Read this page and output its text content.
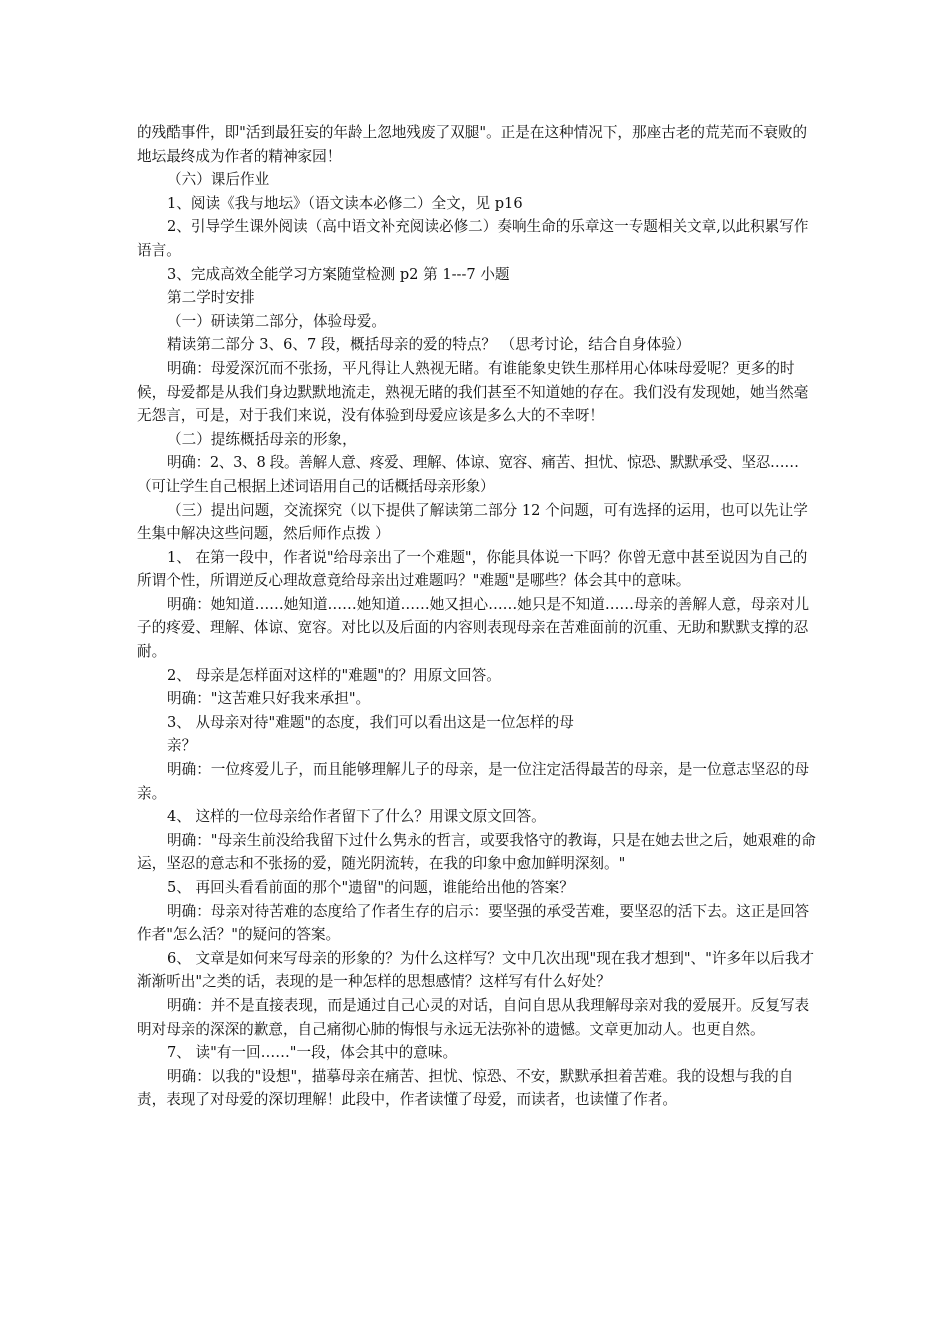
的残酷事件，即"活到最狂妄的年龄上忽地残废了双腿"。正是在这种情况下，那座古老的荒芜而不衰败的地坛最终成为作者的精神家园！

（六）课后作业

1、阅读《我与地坛》（语文读本必修二）全文，见 p16

2、引导学生课外阅读（高中语文补充阅读必修二）奏响生命的乐章这一专题相关文章,以此积累写作语言。

3、完成高效全能学习方案随堂检测 p2 第 1---7 小题

第二学时安排

（一）研读第二部分，体验母爱。

精读第二部分 3、6、7 段，概括母亲的爱的特点？ （思考讨论，结合自身体验）

明确：母爱深沉而不张扬，平凡得让人熟视无睹。有谁能象史铁生那样用心体味母爱呢？更多的时候，母爱都是从我们身边默默地流走，熟视无睹的我们甚至不知道她的存在。我们没有发现她，她当然毫无怨言，可是，对于我们来说，没有体验到母爱应该是多么大的不幸呀！

（二）提练概括母亲的形象，

明确：2、3、8 段。善解人意、疼爱、理解、体谅、宽容、痛苦、担忧、惊恐、默默承受、坚忍……（可让学生自己根据上述词语用自己的话概括母亲形象）

（三）提出问题，交流探究（以下提供了解读第二部分 12 个问题，可有选择的运用，也可以先让学生集中解决这些问题，然后师作点拨 ）

1、 在第一段中，作者说"给母亲出了一个难题"，你能具体说一下吗？你曾无意中甚至说因为自己的所谓个性，所谓逆反心理故意竟给母亲出过难题吗？"难题"是哪些？体会其中的意味。

明确：她知道……她知道……她知道……她又担心……她只是不知道……母亲的善解人意，母亲对儿子的疼爱、理解、体谅、宽容。对比以及后面的内容则表现母亲在苦难面前的沉重、无助和默默支撑的忍耐。

2、 母亲是怎样面对这样的"难题"的？用原文回答。

明确："这苦难只好我来承担"。

3、 从母亲对待"难题"的态度，我们可以看出这是一位怎样的母

亲？

明确：一位疼爱儿子，而且能够理解儿子的母亲，是一位注定活得最苦的母亲，是一位意志坚忍的母亲。

4、 这样的一位母亲给作者留下了什么？用课文原文回答。

明确："母亲生前没给我留下过什么隽永的哲言，或要我恪守的教诲，只是在她去世之后，她艰难的命运，坚忍的意志和不张扬的爱，随光阴流转，在我的印象中愈加鲜明深刻。"

5、 再回头看看前面的那个"遗留"的问题，谁能给出他的答案？

明确：母亲对待苦难的态度给了作者生存的启示：要坚强的承受苦难，要坚忍的活下去。这正是回答作者"怎么活？"的疑问的答案。

6、 文章是如何来写母亲的形象的？为什么这样写？文中几次出现"现在我才想到"、"许多年以后我才渐渐听出"之类的话，表现的是一种怎样的思想感情？这样写有什么好处？

明确：并不是直接表现，而是通过自己心灵的对话，自问自思从我理解母亲对我的爱展开。反复写表明对母亲的深深的歉意，自己痛彻心肺的悔恨与永远无法弥补的遗憾。文章更加动人。也更自然。

7、 读"有一回……"一段，体会其中的意味。

明确：以我的"设想"，描摹母亲在痛苦、担忧、惊恐、不安，默默承担着苦难。我的设想与我的自责，表现了对母爱的深切理解！此段中，作者读懂了母爱，而读者，也读懂了作者。
